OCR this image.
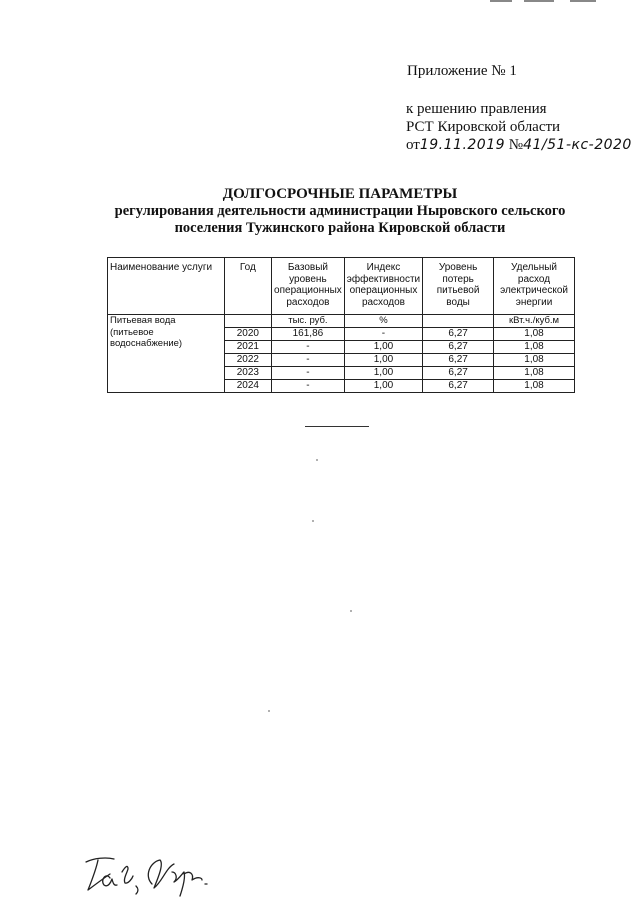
Приложение № 1
к решению правления
РСТ Кировской области
от19.11.2019 №41/51-кс-2020
ДОЛГОСРОЧНЫЕ ПАРАМЕТРЫ
регулирования деятельности администрации Ныровского сельского
поселения Тужинского района Кировской области
Наименование услуги	Год	Базовый уровень операционных расходов	Индекс эффективности операционных расходов	Уровень потерь питьевой воды	Удельный расход электрической энергии
Питьевая вода (питьевое водоснабжение)		тыс. руб.	%		кВт.ч./куб.м
	2020	161,86	-	6,27	1,08
	2021	-	1,00	6,27	1,08
	2022	-	1,00	6,27	1,08
	2023	-	1,00	6,27	1,08
	2024	-	1,00	6,27	1,08
